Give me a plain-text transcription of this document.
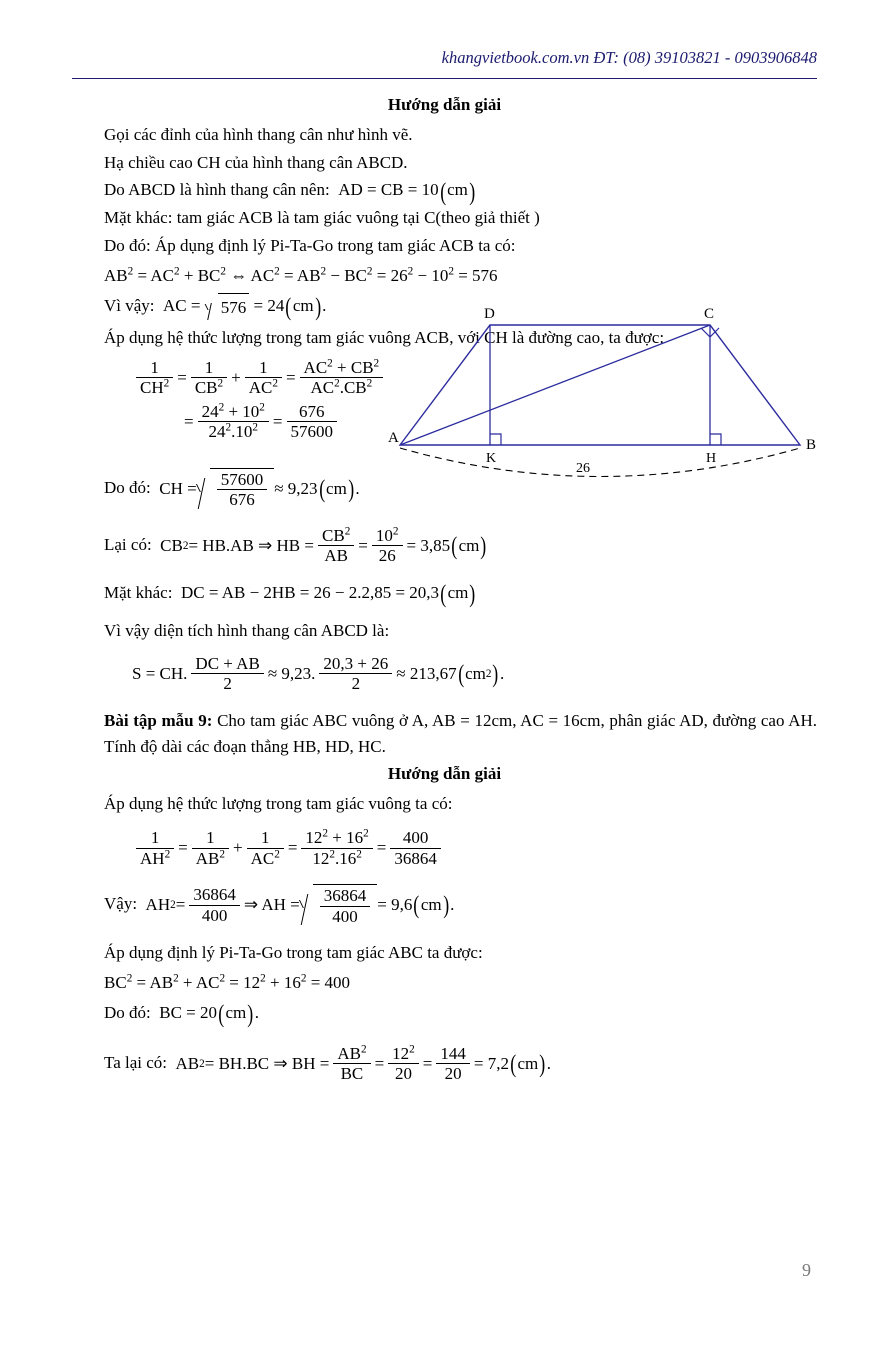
khangvietbook.com.vn ĐT: (08) 39103821 - 0903906848
Hướng dẫn giải
Gọi các đỉnh của hình thang cân như hình vẽ.
Hạ chiều cao CH của hình thang cân ABCD.
Do ABCD là hình thang cân nên:  AD = CB = 10(cm)
Mặt khác: tam giác ACB là tam giác vuông tại C(theo giả thiết )
Do đó: Áp dụng định lý Pi-Ta-Go trong tam giác ACB ta có:
$AB^2 = AC^2 + BC^2$ ⇔ $AC^2 = AB^2 - BC^2 = 26^2 - 10^2 = 576$
Vì vậy:  AC = 576 = 24(cm).
Áp dụng hệ thức lượng trong tam giác vuông ACB, với CH là đường cao, ta được:
$\frac{1}{CH^2} = \frac{1}{CB^2} + \frac{1}{AC^2} = \frac{AC^2 + CB^2}{AC^2.CB^2}$
= $\frac{24^2 + 10^2}{24^2.10^2} = \frac{676}{57600}$
Do đó:  CH = $\frac{57600}{676} \approx 9,23$ ( cm ) .
Lại có:  CB 2 = HB.AB ⇒ HB = $\frac{CB^2}{AB} = \frac{10^2}{26} = 3,85$ ( cm )
Mặt khác:  DC = AB − 2HB = 26 − 2.2,85 = 20,3(cm)
Vì vậy diện tích hình thang cân ABCD là:
S = CH. $\frac{DC + AB}{2} \approx 9,23$. $\frac{20,3 + 26}{2} \approx 213,67$ ( cm 2 ) .
Bài tập mẫu 9: Cho tam giác ABC vuông ở A, AB = 12cm, AC = 16cm, phân giác AD, đường cao AH. Tính độ dài các đoạn thẳng HB, HD, HC.
Hướng dẫn giải
Áp dụng hệ thức lượng trong tam giác vuông ta có:
$\frac{1}{AH^2} = \frac{1}{AB^2} + \frac{1}{AC^2} = \frac{12^2 + 16^2}{12^2.16^2} = \frac{400}{36864}$
Vậy:  AH $2 = \frac{36864}{400}$ ⇒ AH = $\frac{36864}{400} = 9,6$ ( cm ) .
Áp dụng định lý Pi-Ta-Go trong tam giác ABC ta được:
$BC^2 = AB^2 + AC^2 = 12^2 + 16^2 = 400$
Do đó:  BC = 20(cm).
Ta lại có:  AB 2 = BH.BC ⇒ BH = $\frac{AB^2}{BC} = \frac{12^2}{20} = \frac{144}{20} = 7,2$ ( cm ) .
A	B
C
D
K	H
26
9
